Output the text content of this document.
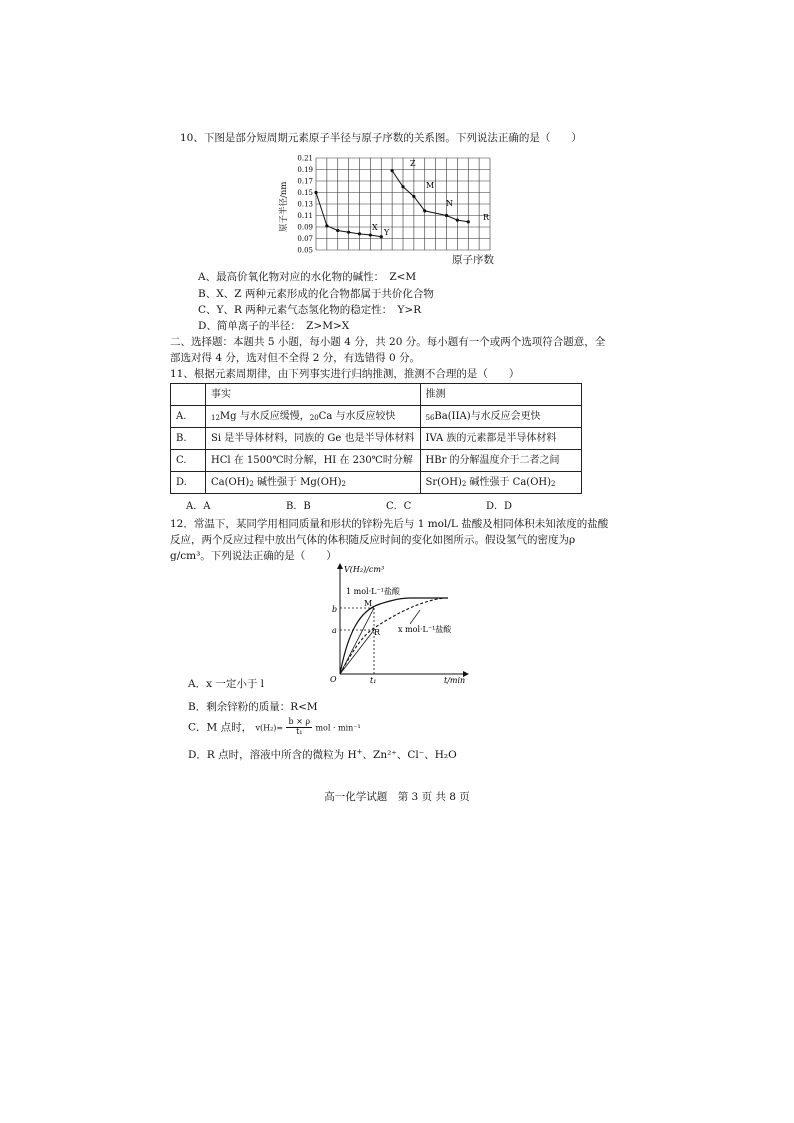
10、下图是部分短周期元素原子半径与原子序数的关系图。下列说法正确的是（　　）
0.21
0.19
0.17
0.15
0.13
0.11
0.09
0.07
0.05
X
Y
Z
M
N
R
原子半径/nm
原子序数
A、最高价氧化物对应的水化物的碱性：　Z<M
B、X、Z 两种元素形成的化合物都属于共价化合物
C、Y、R 两种元素气态氢化物的稳定性：　Y>R
D、简单离子的半径：　Z>M>X
二、选择题：本题共 5 小题，每小题 4 分，共 20 分。每小题有一个或两个选项符合题意，全
部选对得 4 分，选对但不全得 2 分，有选错得 0 分。
11、根据元素周期律，由下列事实进行归纳推测，推测不合理的是（　　）
	事实	推测
A.	12Mg 与水反应缓慢，20Ca 与水反应较快	56Ba(IIA)与水反应会更快
B.	Si 是半导体材料，同族的 Ge 也是半导体材料	IVA 族的元素都是半导体材料
C.	HCl 在 1500℃时分解，HI 在 230℃时分解	HBr 的分解温度介于二者之间
D.	Ca(OH)2 碱性强于 Mg(OH)2	Sr(OH)2 碱性强于 Ca(OH)2
A．A	B．B	C．C	D．D
12．常温下，某同学用相同质量和形状的锌粉先后与 1 mol/L 盐酸及相同体积未知浓度的盐酸
反应，两个反应过程中放出气体的体积随反应时间的变化如图所示。假设氢气的密度为ρ
g/cm³。下列说法正确的是（　　）
V(H₂)/cm³
1 mol·L⁻¹盐酸
x mol·L⁻¹盐酸
b
a
O	t₁	t/min
M
R
A．x 一定小于 l
B．剩余锌粉的质量：R<M
C．M 点时， $v(H_2)= \frac{b \times \rho}{\text{t₁}}$ mol · min⁻¹
D．R 点时，溶液中所含的微粒为 H+、Zn²⁺、Cl⁻、H₂O
高一化学试题　第 3 页 共 8 页
